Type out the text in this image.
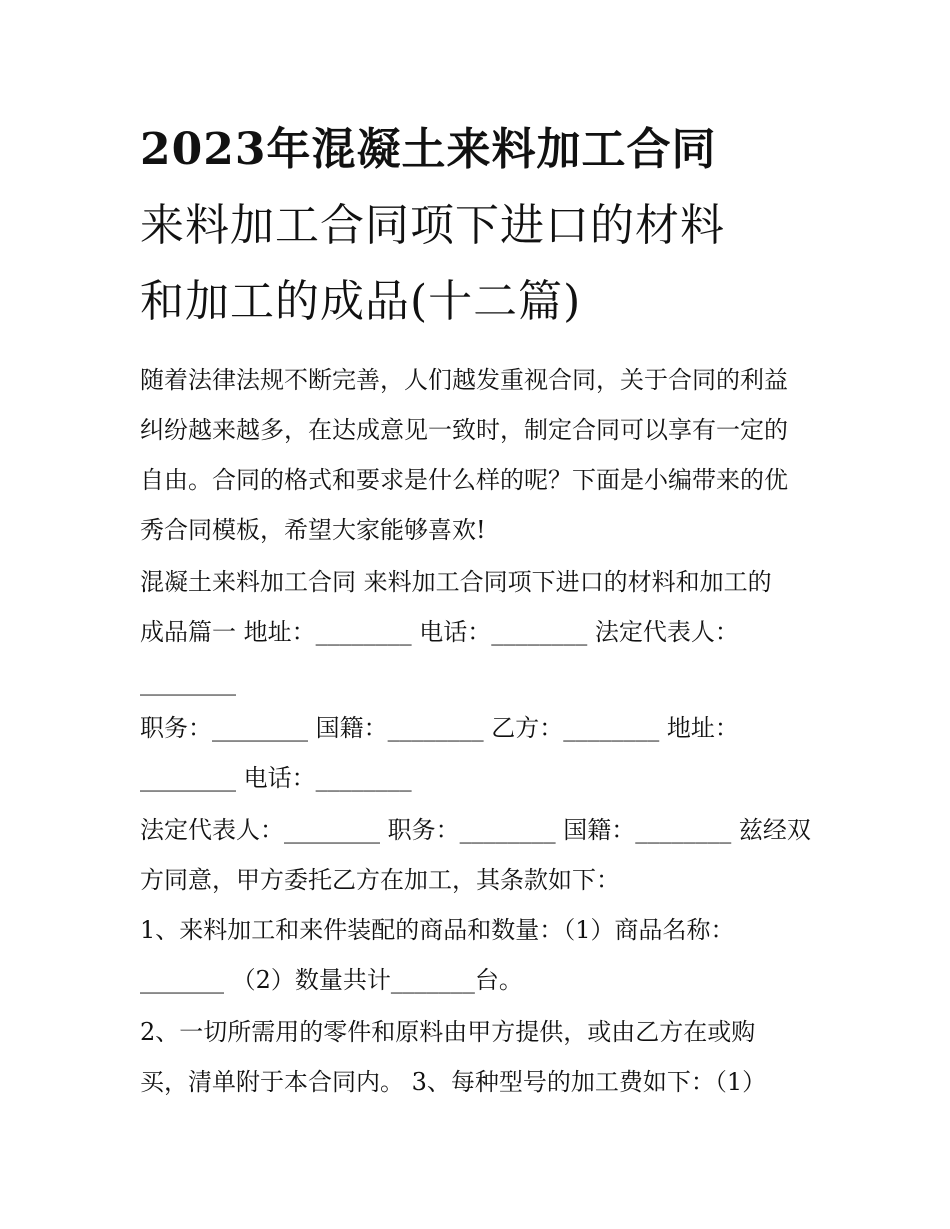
2023年混凝土来料加工合同
来料加工合同项下进口的材料
和加工的成品(十二篇)

随着法律法规不断完善，人们越发重视合同，关于合同的利益

纠纷越来越多，在达成意见一致时，制定合同可以享有一定的

自由。合同的格式和要求是什么样的呢？下面是小编带来的优

秀合同模板，希望大家能够喜欢!

混凝土来料加工合同 来料加工合同项下进口的材料和加工的

成品篇一 地址：________ 电话：________ 法定代表人：

________

职务：________ 国籍：________ 乙方：________ 地址：

________ 电话：________

法定代表人：________ 职务：________ 国籍：________ 兹经双

方同意，甲方委托乙方在加工，其条款如下：

1、来料加工和来件装配的商品和数量：（1）商品名称：

_______ （2）数量共计_______台。

2、一切所需用的零件和原料由甲方提供，或由乙方在或购

买，清单附于本合同内。 3、每种型号的加工费如下：（1）
